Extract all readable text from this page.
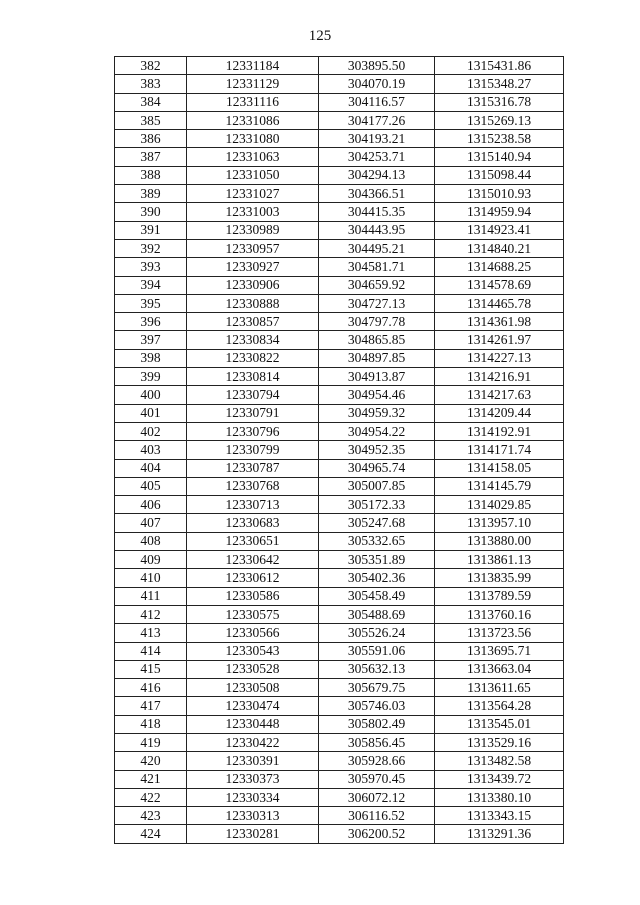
125
382	12331184	303895.50	1315431.86
383	12331129	304070.19	1315348.27
384	12331116	304116.57	1315316.78
385	12331086	304177.26	1315269.13
386	12331080	304193.21	1315238.58
387	12331063	304253.71	1315140.94
388	12331050	304294.13	1315098.44
389	12331027	304366.51	1315010.93
390	12331003	304415.35	1314959.94
391	12330989	304443.95	1314923.41
392	12330957	304495.21	1314840.21
393	12330927	304581.71	1314688.25
394	12330906	304659.92	1314578.69
395	12330888	304727.13	1314465.78
396	12330857	304797.78	1314361.98
397	12330834	304865.85	1314261.97
398	12330822	304897.85	1314227.13
399	12330814	304913.87	1314216.91
400	12330794	304954.46	1314217.63
401	12330791	304959.32	1314209.44
402	12330796	304954.22	1314192.91
403	12330799	304952.35	1314171.74
404	12330787	304965.74	1314158.05
405	12330768	305007.85	1314145.79
406	12330713	305172.33	1314029.85
407	12330683	305247.68	1313957.10
408	12330651	305332.65	1313880.00
409	12330642	305351.89	1313861.13
410	12330612	305402.36	1313835.99
411	12330586	305458.49	1313789.59
412	12330575	305488.69	1313760.16
413	12330566	305526.24	1313723.56
414	12330543	305591.06	1313695.71
415	12330528	305632.13	1313663.04
416	12330508	305679.75	1313611.65
417	12330474	305746.03	1313564.28
418	12330448	305802.49	1313545.01
419	12330422	305856.45	1313529.16
420	12330391	305928.66	1313482.58
421	12330373	305970.45	1313439.72
422	12330334	306072.12	1313380.10
423	12330313	306116.52	1313343.15
424	12330281	306200.52	1313291.36
